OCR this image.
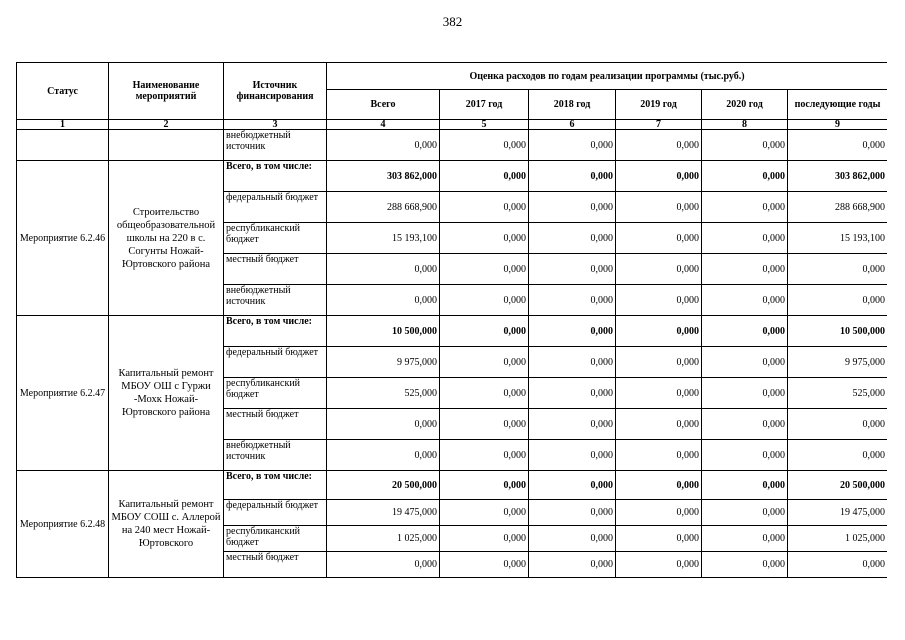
382
Статус	Наименование мероприятий	Источник финансирования	Оценка расходов по годам реализации программы (тыс.руб.)					
			Всего	2017 год	2018 год	2019 год	2020 год	последующие годы
1	2	3	4	5	6	7	8	9
		внебюджетный источник	0,000	0,000	0,000	0,000	0,000	0,000
Мероприятие 6.2.46	Строительство общеобразовательной школы на 220 в с. Согунты Ножай-Юртовского района	Всего, в том числе:	303 862,000	0,000	0,000	0,000	0,000	303 862,000
		федеральный бюджет	288 668,900	0,000	0,000	0,000	0,000	288 668,900
		республиканский бюджет	15 193,100	0,000	0,000	0,000	0,000	15 193,100
		местный бюджет	0,000	0,000	0,000	0,000	0,000	0,000
		внебюджетный источник	0,000	0,000	0,000	0,000	0,000	0,000
Мероприятие 6.2.47	Капитальный ремонт МБОУ ОШ с Гуржи -Мохк Ножай-Юртовского района	Всего, в том числе:	10 500,000	0,000	0,000	0,000	0,000	10 500,000
		федеральный бюджет	9 975,000	0,000	0,000	0,000	0,000	9 975,000
		республиканский бюджет	525,000	0,000	0,000	0,000	0,000	525,000
		местный бюджет	0,000	0,000	0,000	0,000	0,000	0,000
		внебюджетный источник	0,000	0,000	0,000	0,000	0,000	0,000
Мероприятие 6.2.48	Капитальный ремонт МБОУ СОШ с. Аллерой на 240 мест Ножай-Юртовского	Всего, в том числе:	20 500,000	0,000	0,000	0,000	0,000	20 500,000
		федеральный бюджет	19 475,000	0,000	0,000	0,000	0,000	19 475,000
		республиканский бюджет	1 025,000	0,000	0,000	0,000	0,000	1 025,000
		местный бюджет	0,000	0,000	0,000	0,000	0,000	0,000
